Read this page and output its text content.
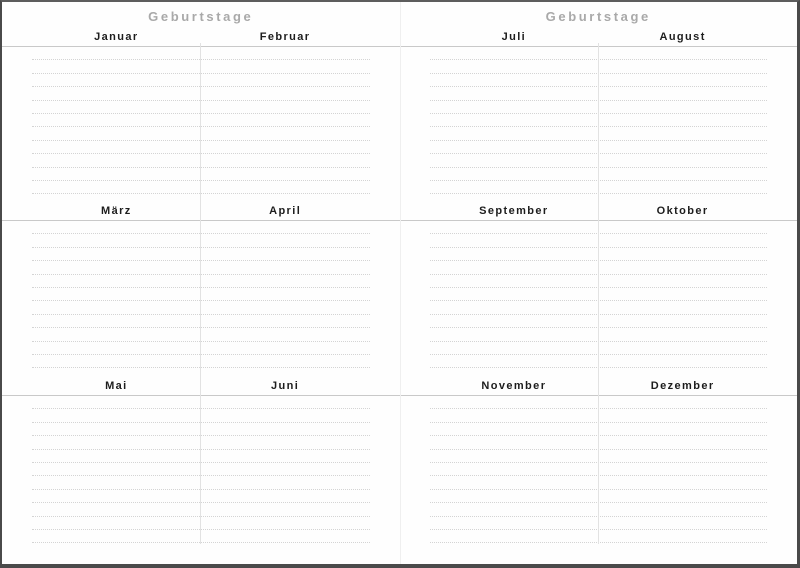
Geburtstage
Januar	Februar
März	April
Mai	Juni
Geburtstage
Juli	August
September	Oktober
November	Dezember
